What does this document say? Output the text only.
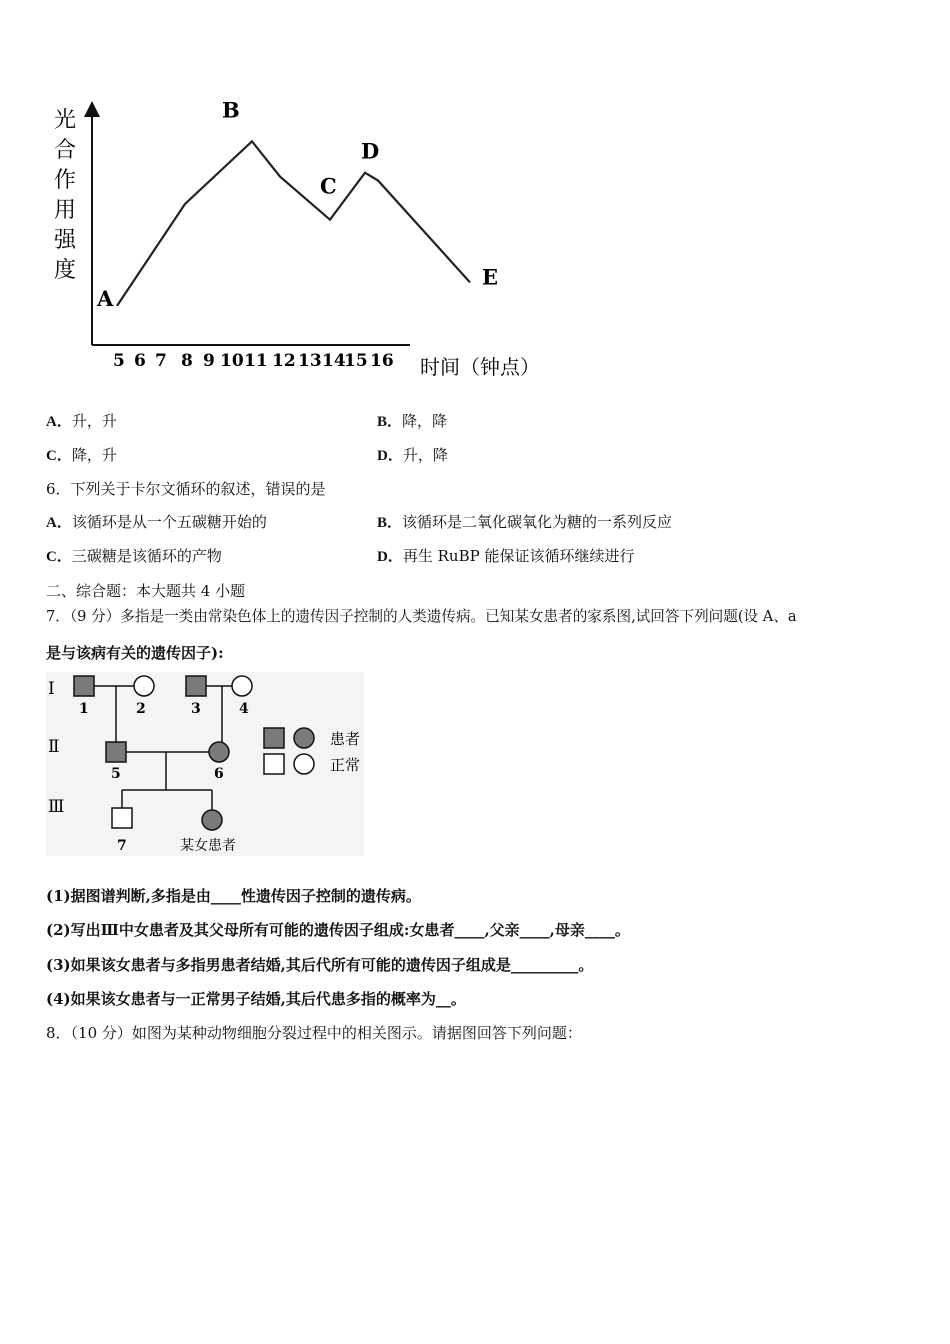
光
合
作
用
强
度
5 6 7 8 9 10 11 12 13 14
15 16 时间（钟点）
A
B
C
D
E
A．升，升	B．降，降
C．降，升	D．升，降
6．下列关于卡尔文循环的叙述，错误的是
A．该循环是从一个五碳糖开始的	B．该循环是二氧化碳氧化为糖的一系列反应
C．三碳糖是该循环的产物	D．再生 RuBP 能保证该循环继续进行
二、综合题：本大题共 4 小题
7．（9 分）多指是一类由常染色体上的遗传因子控制的人类遗传病。已知某女患者的家系图,试回答下列问题(设 A、a
是与该病有关的遗传因子):
Ⅰ
Ⅱ
Ⅲ
1	2	3	4
5	6
7	某女患者
患者
正常
(1)据图谱判断,多指是由____性遗传因子控制的遗传病。
(2)写出Ⅲ中女患者及其父母所有可能的遗传因子组成:女患者____,父亲____,母亲____。
(3)如果该女患者与多指男患者结婚,其后代所有可能的遗传因子组成是_________。
(4)如果该女患者与一正常男子结婚,其后代患多指的概率为__。
8．（10 分）如图为某种动物细胞分裂过程中的相关图示。请据图回答下列问题：
